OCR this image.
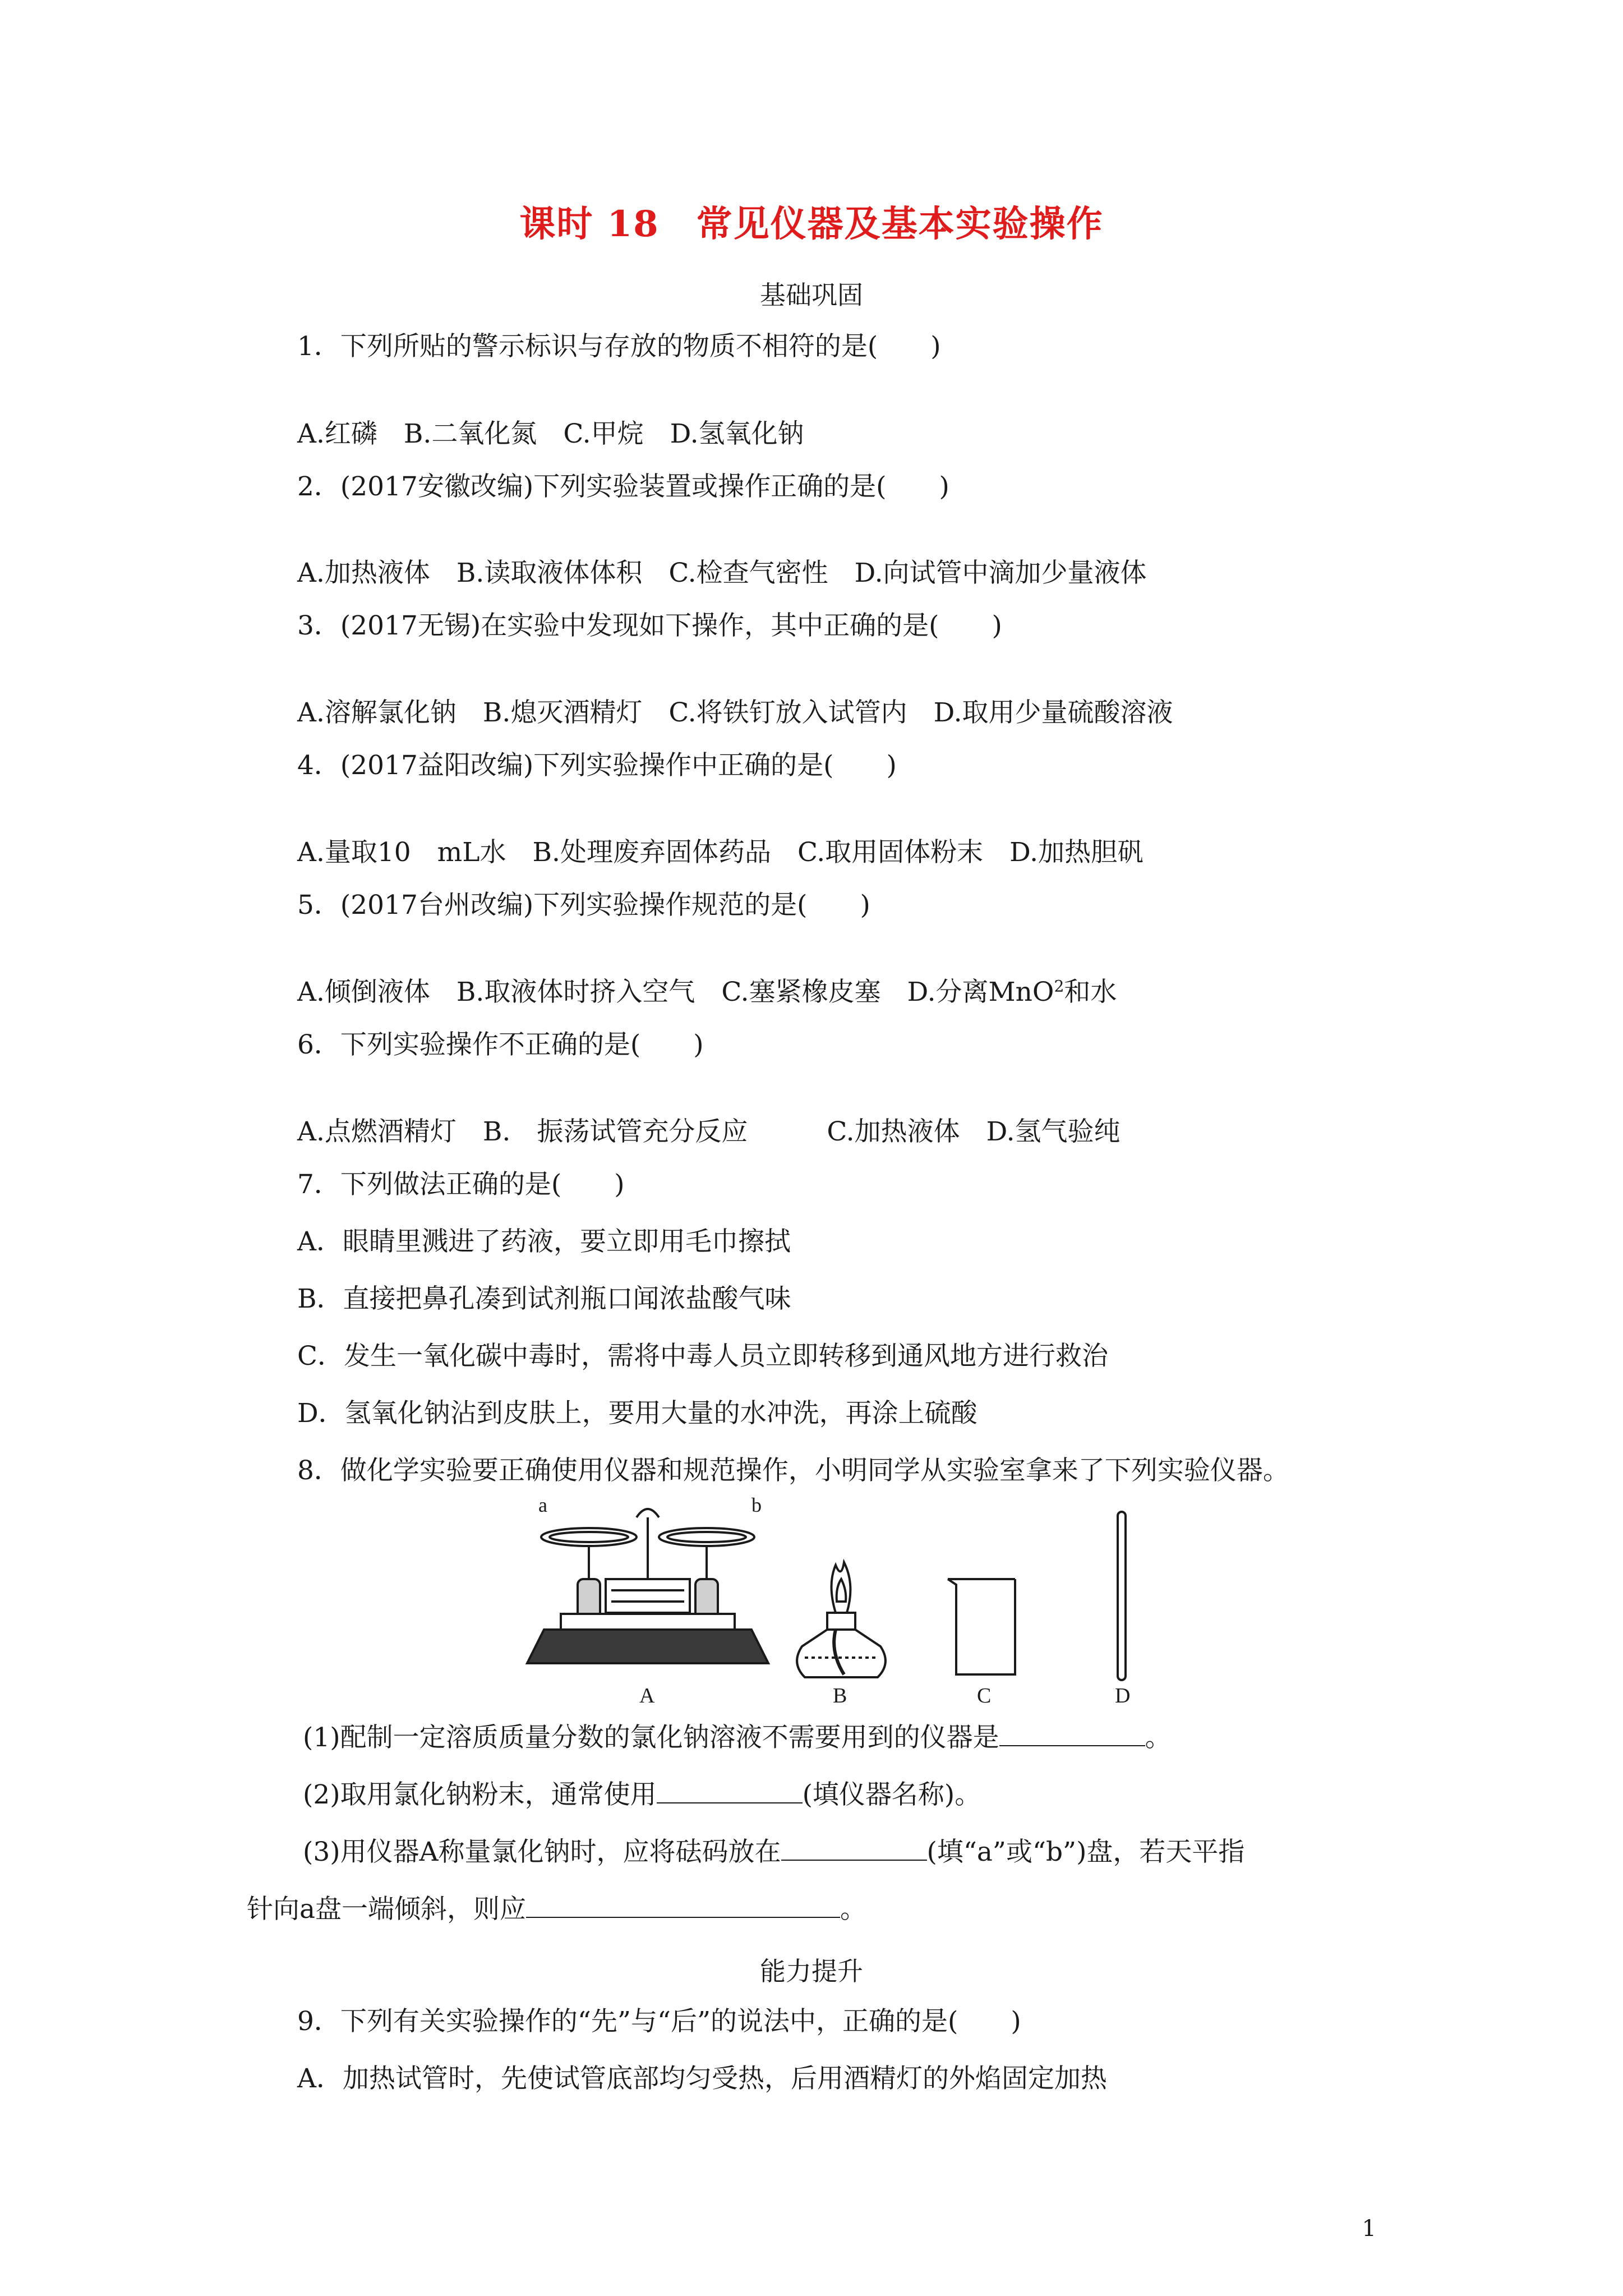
课时 18　常见仪器及基本实验操作
基础巩固
1．下列所贴的警示标识与存放的物质不相符的是(　　)
A.红磷　B.二氧化氮　C.甲烷　D.氢氧化钠
2．(2017安徽改编)下列实验装置或操作正确的是(　　)
A.加热液体　B.读取液体体积　C.检查气密性　D.向试管中滴加少量液体
3．(2017无锡)在实验中发现如下操作，其中正确的是(　　)
A.溶解氯化钠　B.熄灭酒精灯　C.将铁钉放入试管内　D.取用少量硫酸溶液
4．(2017益阳改编)下列实验操作中正确的是(　　)
A.量取10　mL水　B.处理废弃固体药品　C.取用固体粉末　D.加热胆矾
5．(2017台州改编)下列实验操作规范的是(　　)
A.倾倒液体　B.取液体时挤入空气　C.塞紧橡皮塞　D.分离MnO$^2$和水
6．下列实验操作不正确的是(　　)
A.点燃酒精灯　B.　振荡试管充分反应　　　C.加热液体　D.氢气验纯
7．下列做法正确的是(　　)
A．眼睛里溅进了药液，要立即用毛巾擦拭
B．直接把鼻孔凑到试剂瓶口闻浓盐酸气味
C．发生一氧化碳中毒时，需将中毒人员立即转移到通风地方进行救治
D．氢氧化钠沾到皮肤上，要用大量的水冲洗，再涂上硫酸
8．做化学实验要正确使用仪器和规范操作，小明同学从实验室拿来了下列实验仪器。
a	b
A	B	C	D
(1)配制一定溶质质量分数的氯化钠溶液不需要用到的仪器是	。
(2)取用氯化钠粉末，通常使用	(填仪器名称)。
(3)用仪器A称量氯化钠时，应将砝码放在	(填“a”或“b”)盘，若天平指
针向a盘一端倾斜，则应	。
能力提升
9．下列有关实验操作的“先”与“后”的说法中，正确的是(　　)
A．加热试管时，先使试管底部均匀受热，后用酒精灯的外焰固定加热
1
